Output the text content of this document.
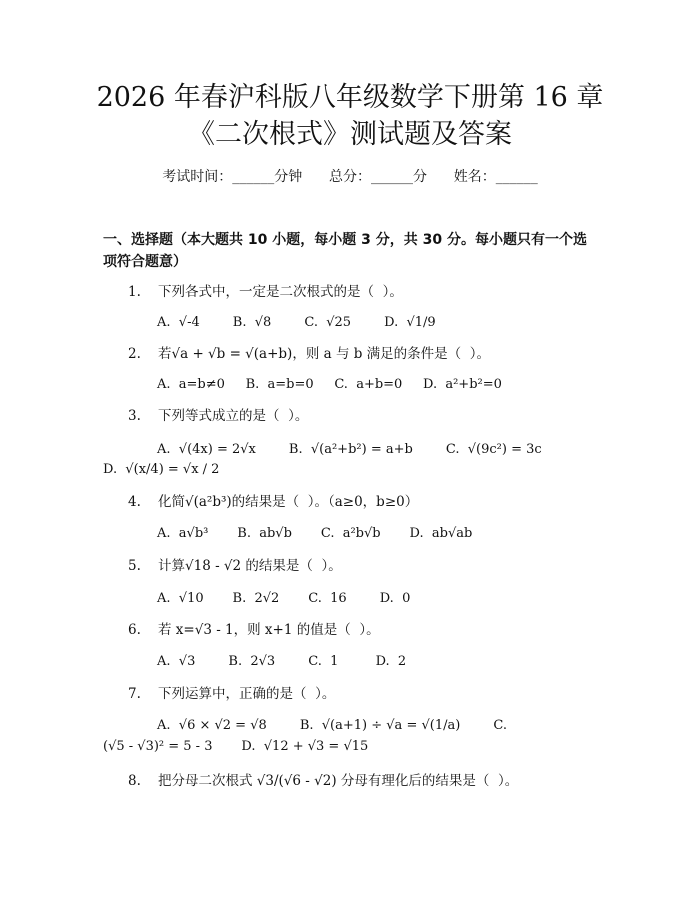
2026 年春沪科版八年级数学下册第 16 章
《二次根式》测试题及答案
考试时间：______分钟      总分：______分      姓名：______
一、选择题（本大题共 10 小题，每小题 3 分，共 30 分。每小题只有一个选项符合题意）
1. 下列各式中，一定是二次根式的是（  ）。
A.  √-4        B.  √8        C.  √25        D.  √1/9
2. 若√a + √b = √(a+b)，则 a 与 b 满足的条件是（  ）。
A.  a=b≠0     B.  a=b=0     C.  a+b=0     D.  a²+b²=0
3. 下列等式成立的是（  ）。
A.  √(4x) = 2√x        B.  √(a²+b²) = a+b        C.  √(9c²) = 3c
D.  √(x/4) = √x / 2
4. 化简√(a²b³)的结果是（  ）。（a≥0，b≥0）
A.  a√b³       B.  ab√b       C.  a²b√b       D.  ab√ab
5. 计算√18 - √2 的结果是（  ）。
A.  √10       B.  2√2       C.  16        D.  0
6. 若 x=√3 - 1，则 x+1 的值是（  ）。
A.  √3        B.  2√3        C.  1         D.  2
7. 下列运算中，正确的是（  ）。
A.  √6 × √2 = √8        B.  √(a+1) ÷ √a = √(1/a)        C.
(√5 - √3)² = 5 - 3       D.  √12 + √3 = √15
8. 把分母二次根式 √3/(√6 - √2) 分母有理化后的结果是（  ）。
